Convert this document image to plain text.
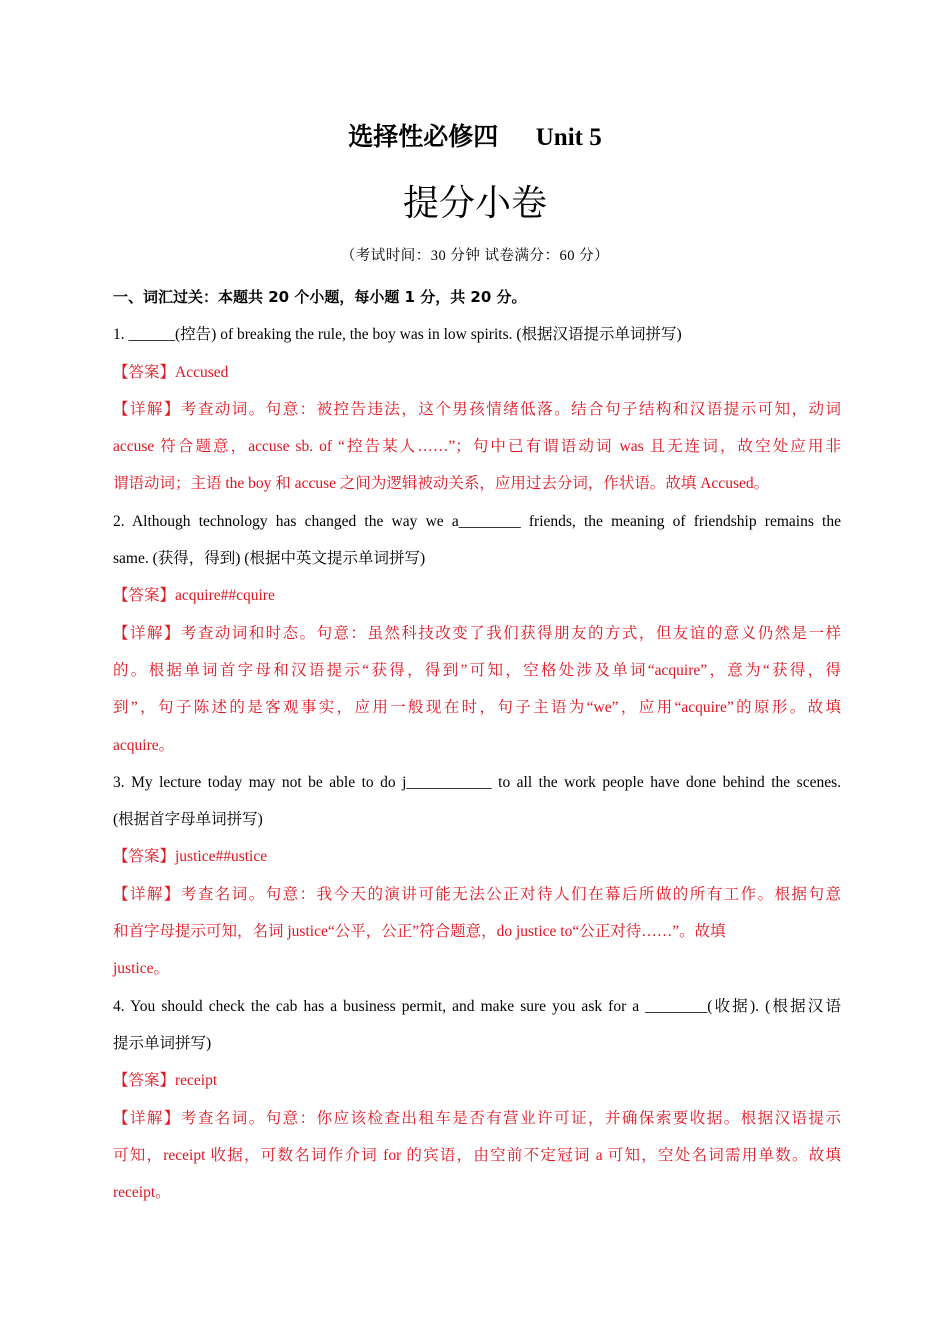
选择性必修四      Unit 5
提分小卷
（考试时间：30 分钟 试卷满分：60 分）
一、词汇过关：本题共 20 个小题，每小题 1 分，共 20 分。
1. ______(控告) of breaking the rule, the boy was in low spirits. (根据汉语提示单词拼写)
【答案】Accused
【详解】考查动词。句意：被控告违法，这个男孩情绪低落。结合句子结构和汉语提示可知，动词
accuse 符合题意，accuse sb. of “控告某人……”；句中已有谓语动词 was 且无连词，故空处应用非
谓语动词；主语 the boy 和 accuse 之间为逻辑被动关系，应用过去分词，作状语。故填 Accused。
2. Although technology has changed the way we a________ friends, the meaning of friendship remains the
same. (获得，得到) (根据中英文提示单词拼写)
【答案】acquire##cquire
【详解】考查动词和时态。句意：虽然科技改变了我们获得朋友的方式，但友谊的意义仍然是一样
的。根据单词首字母和汉语提示“获得，得到”可知，空格处涉及单词“acquire”，意为“获得，得
到”，句子陈述的是客观事实，应用一般现在时，句子主语为“we”，应用“acquire”的原形。故填
acquire。
3. My lecture today may not be able to do j___________ to all the work people have done behind the scenes.
(根据首字母单词拼写)
【答案】justice##ustice
【详解】考查名词。句意：我今天的演讲可能无法公正对待人们在幕后所做的所有工作。根据句意
和首字母提示可知，名词 justice“公平，公正”符合题意，do justice to“公正对待……”。故填
justice。
4. You should check the cab has a business permit, and make sure you ask for a ________(收据). (根据汉语
提示单词拼写)
【答案】receipt
【详解】考查名词。句意：你应该检查出租车是否有营业许可证，并确保索要收据。根据汉语提示
可知，receipt 收据，可数名词作介词 for 的宾语，由空前不定冠词 a 可知，空处名词需用单数。故填
receipt。
